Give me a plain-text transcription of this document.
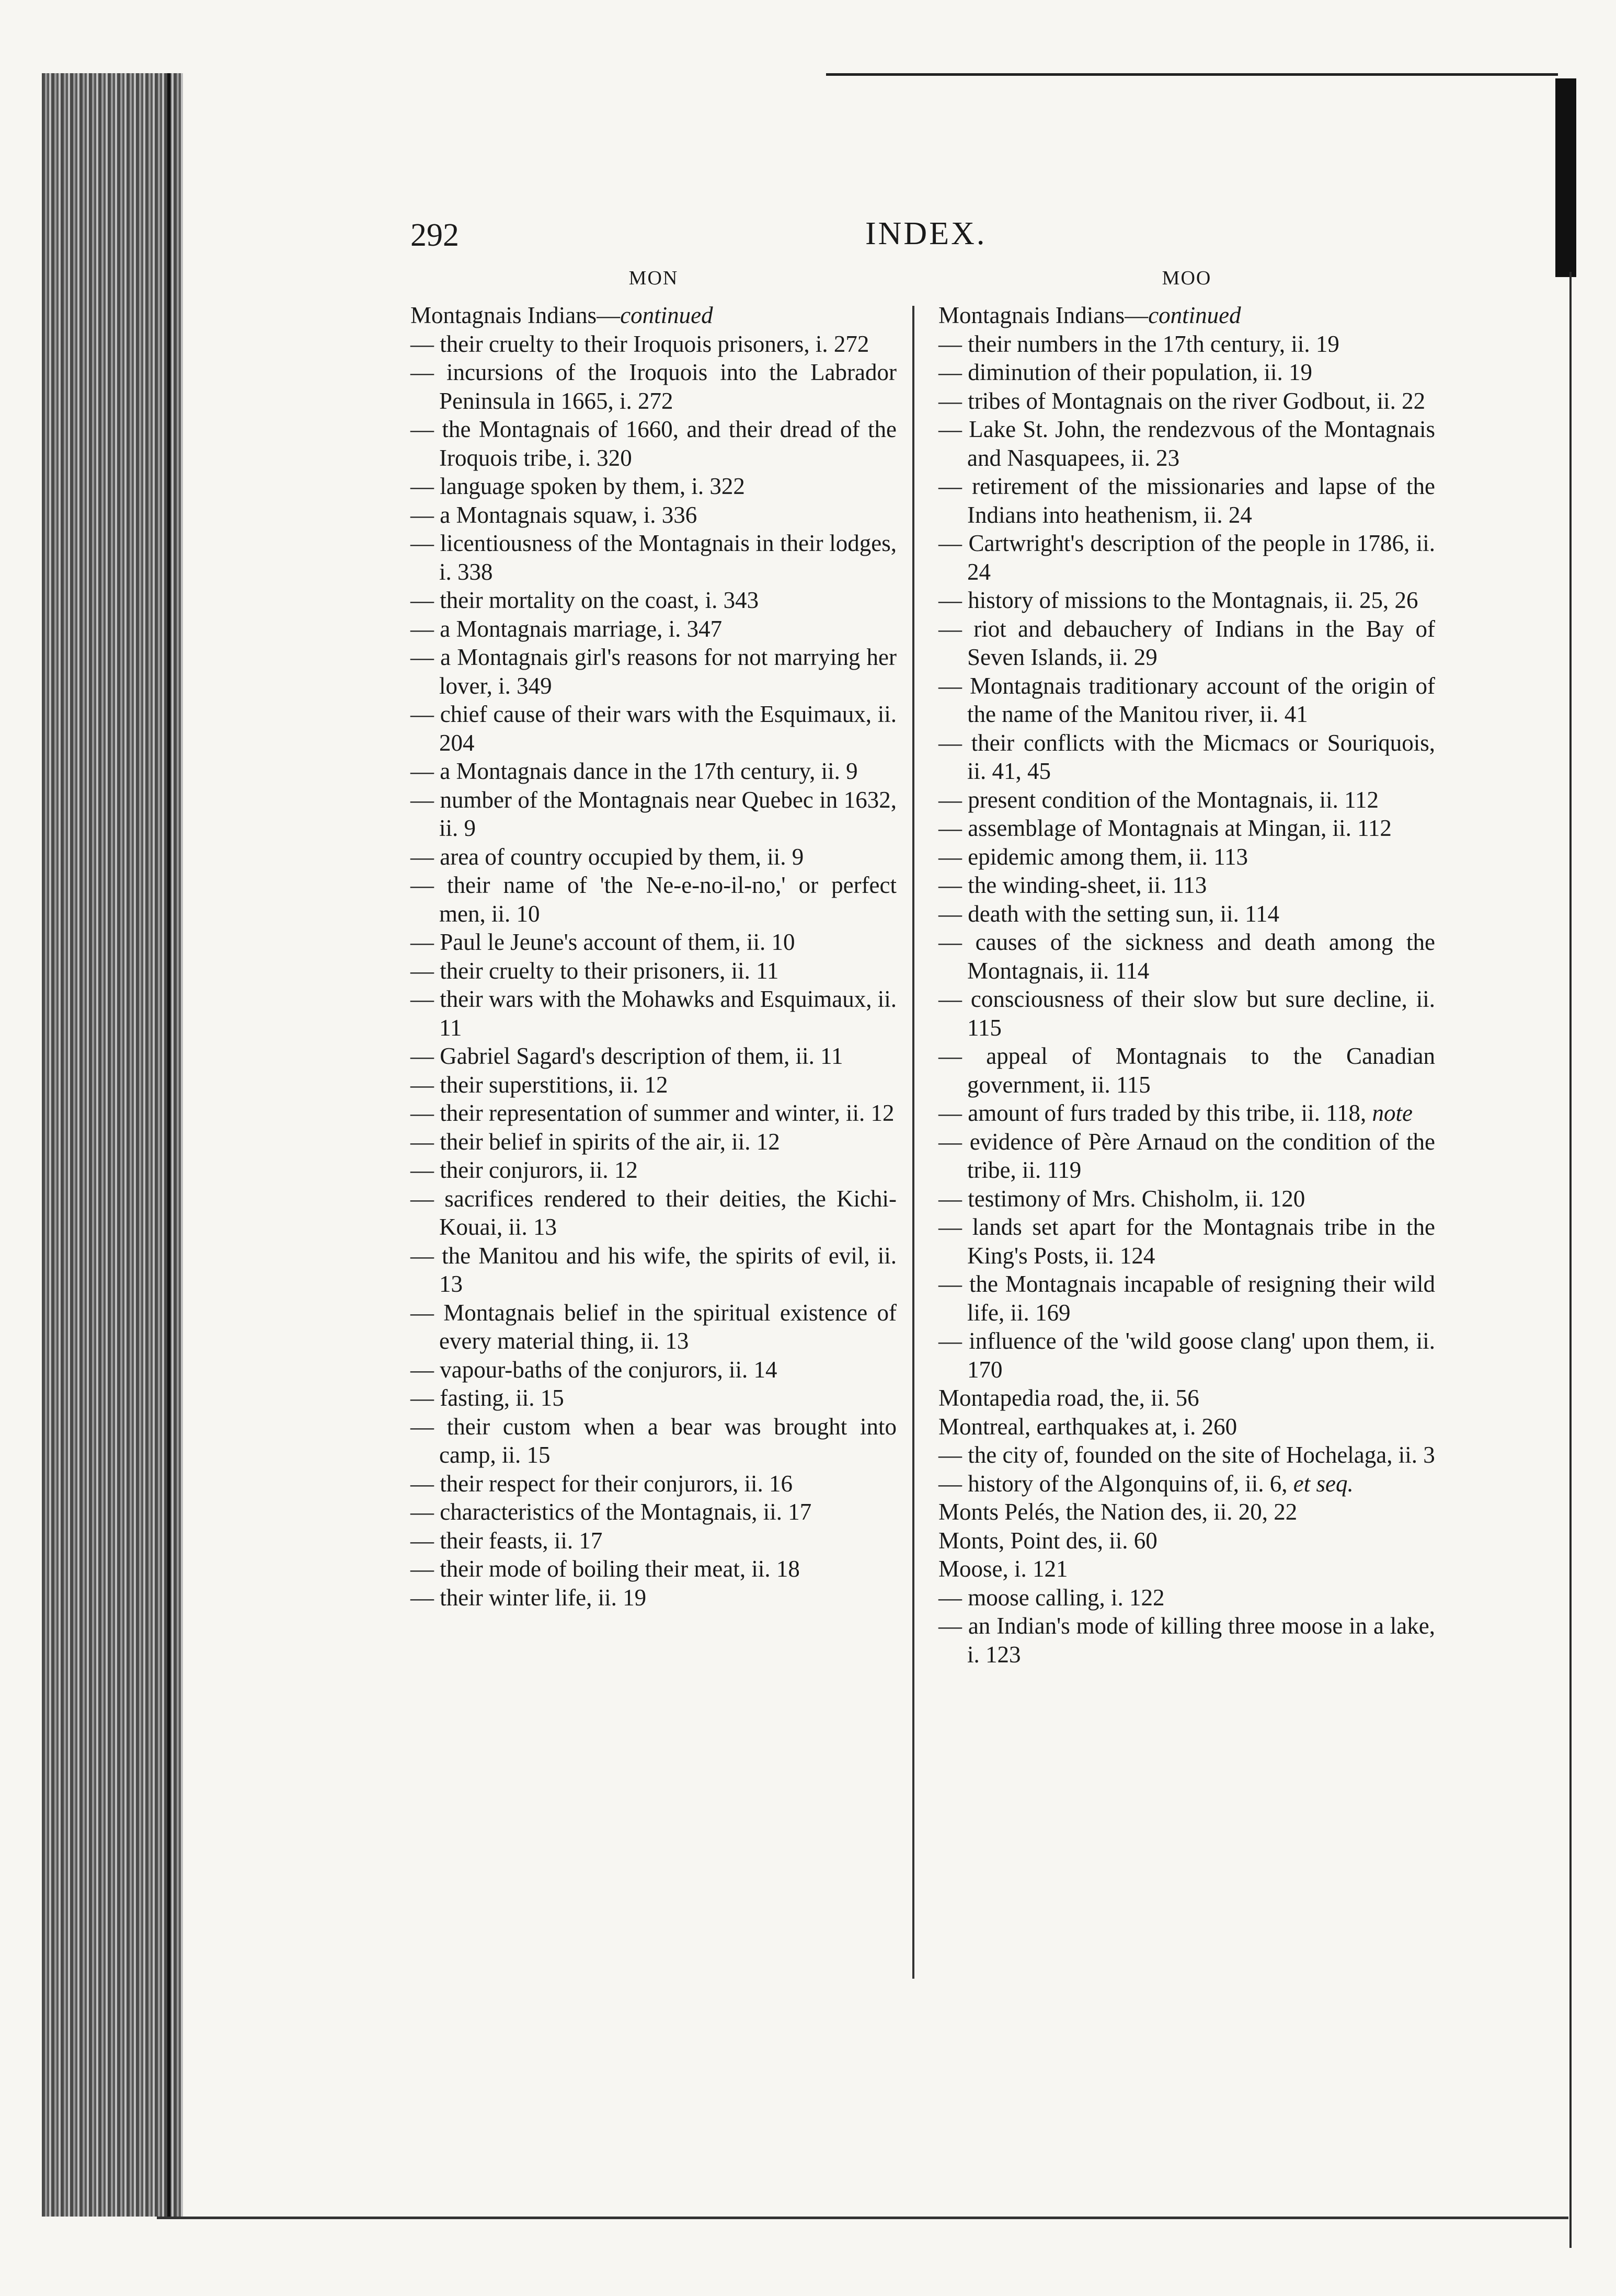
292	INDEX.
MON
Montagnais Indians—continued
— their cruelty to their Iroquois prisoners, i. 272
— incursions of the Iroquois into the Labrador Peninsula in 1665, i. 272
— the Montagnais of 1660, and their dread of the Iroquois tribe, i. 320
— language spoken by them, i. 322
— a Montagnais squaw, i. 336
— licentiousness of the Montagnais in their lodges, i. 338
— their mortality on the coast, i. 343
— a Montagnais marriage, i. 347
— a Montagnais girl's reasons for not marrying her lover, i. 349
— chief cause of their wars with the Esquimaux, ii. 204
— a Montagnais dance in the 17th century, ii. 9
— number of the Montagnais near Quebec in 1632, ii. 9
— area of country occupied by them, ii. 9
— their name of 'the Ne-e-no-il-no,' or perfect men, ii. 10
— Paul le Jeune's account of them, ii. 10
— their cruelty to their prisoners, ii. 11
— their wars with the Mohawks and Esquimaux, ii. 11
— Gabriel Sagard's description of them, ii. 11
— their superstitions, ii. 12
— their representation of summer and winter, ii. 12
— their belief in spirits of the air, ii. 12
— their conjurors, ii. 12
— sacrifices rendered to their deities, the Kichi-Kouai, ii. 13
— the Manitou and his wife, the spirits of evil, ii. 13
— Montagnais belief in the spiritual existence of every material thing, ii. 13
— vapour-baths of the conjurors, ii. 14
— fasting, ii. 15
— their custom when a bear was brought into camp, ii. 15
— their respect for their conjurors, ii. 16
— characteristics of the Montagnais, ii. 17
— their feasts, ii. 17
— their mode of boiling their meat, ii. 18
— their winter life, ii. 19
MOO
Montagnais Indians—continued
— their numbers in the 17th century, ii. 19
— diminution of their population, ii. 19
— tribes of Montagnais on the river Godbout, ii. 22
— Lake St. John, the rendezvous of the Montagnais and Nasquapees, ii. 23
— retirement of the missionaries and lapse of the Indians into heathenism, ii. 24
— Cartwright's description of the people in 1786, ii. 24
— history of missions to the Montagnais, ii. 25, 26
— riot and debauchery of Indians in the Bay of Seven Islands, ii. 29
— Montagnais traditionary account of the origin of the name of the Manitou river, ii. 41
— their conflicts with the Micmacs or Souriquois, ii. 41, 45
— present condition of the Montagnais, ii. 112
— assemblage of Montagnais at Mingan, ii. 112
— epidemic among them, ii. 113
— the winding-sheet, ii. 113
— death with the setting sun, ii. 114
— causes of the sickness and death among the Montagnais, ii. 114
— consciousness of their slow but sure decline, ii. 115
— appeal of Montagnais to the Canadian government, ii. 115
— amount of furs traded by this tribe, ii. 118, note
— evidence of Père Arnaud on the condition of the tribe, ii. 119
— testimony of Mrs. Chisholm, ii. 120
— lands set apart for the Montagnais tribe in the King's Posts, ii. 124
— the Montagnais incapable of resigning their wild life, ii. 169
— influence of the 'wild goose clang' upon them, ii. 170
Montapedia road, the, ii. 56
Montreal, earthquakes at, i. 260
— the city of, founded on the site of Hochelaga, ii. 3
— history of the Algonquins of, ii. 6, et seq.
Monts Pelés, the Nation des, ii. 20, 22
Monts, Point des, ii. 60
Moose, i. 121
— moose calling, i. 122
— an Indian's mode of killing three moose in a lake, i. 123
